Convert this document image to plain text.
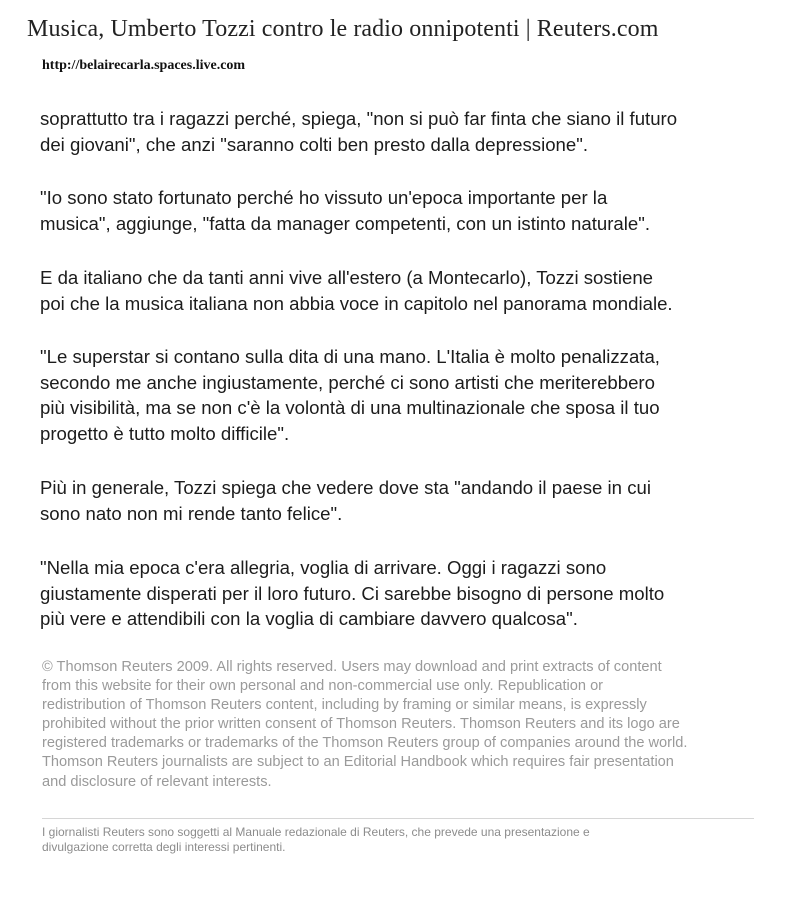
Musica, Umberto Tozzi contro le radio onnipotenti | Reuters.com
http://belairecarla.spaces.live.com

soprattutto tra i ragazzi perché, spiega, "non si può far finta che siano il futuro
dei giovani", che anzi "saranno colti ben presto dalla depressione".

"Io sono stato fortunato perché ho vissuto un'epoca importante per la
musica", aggiunge, "fatta da manager competenti, con un istinto naturale".

E da italiano che da tanti anni vive all'estero (a Montecarlo), Tozzi sostiene
poi che la musica italiana non abbia voce in capitolo nel panorama mondiale.

"Le superstar si contano sulla dita di una mano. L'Italia è molto penalizzata,
secondo me anche ingiustamente, perché ci sono artisti che meriterebbero
più visibilità, ma se non c'è la volontà di una multinazionale che sposa il tuo
progetto è tutto molto difficile".

Più in generale, Tozzi spiega che vedere dove sta "andando il paese in cui
sono nato non mi rende tanto felice".

"Nella mia epoca c'era allegria, voglia di arrivare. Oggi i ragazzi sono
giustamente disperati per il loro futuro. Ci sarebbe bisogno di persone molto
più vere e attendibili con la voglia di cambiare davvero qualcosa".

© Thomson Reuters 2009. All rights reserved. Users may download and print extracts of content
from this website for their own personal and non-commercial use only. Republication or
redistribution of Thomson Reuters content, including by framing or similar means, is expressly
prohibited without the prior written consent of Thomson Reuters. Thomson Reuters and its logo are
registered trademarks or trademarks of the Thomson Reuters group of companies around the world.
Thomson Reuters journalists are subject to an Editorial Handbook which requires fair presentation
and disclosure of relevant interests.
I giornalisti Reuters sono soggetti al Manuale redazionale di Reuters, che prevede una presentazione e
divulgazione corretta degli interessi pertinenti.
